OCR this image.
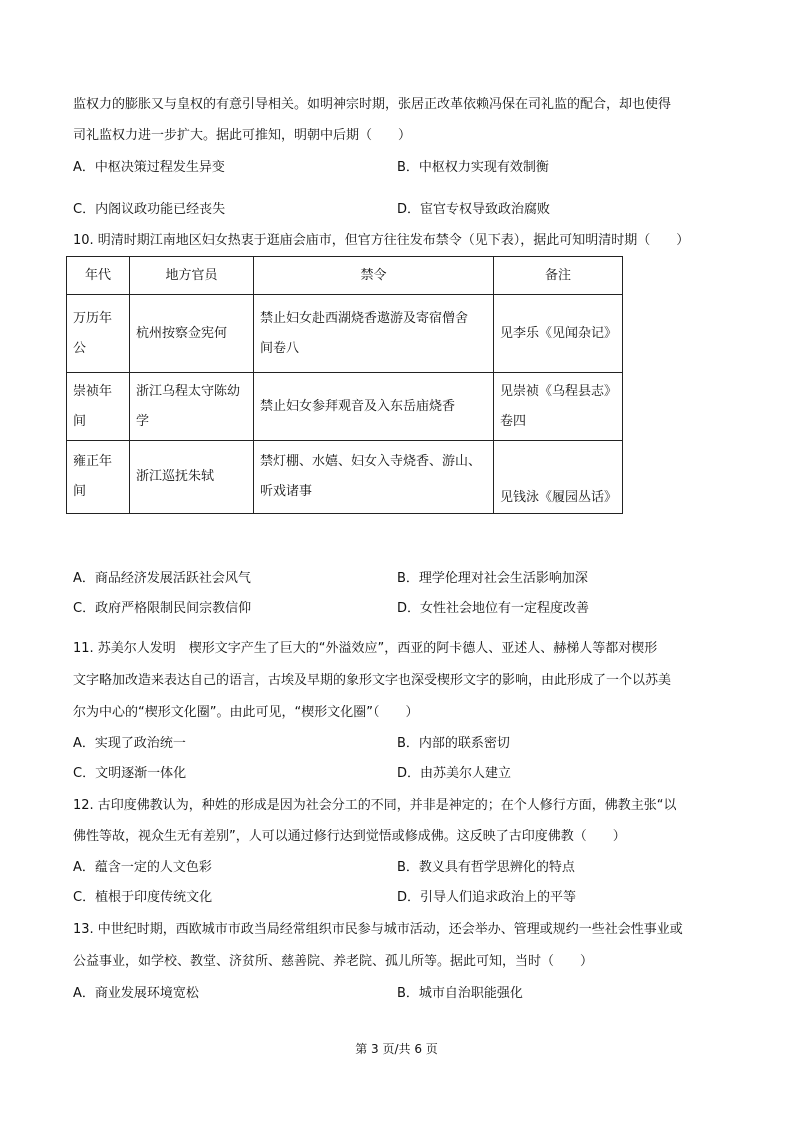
监权力的膨胀又与皇权的有意引导相关。如明神宗时期，张居正改革依赖冯保在司礼监的配合，却也使得
司礼监权力进一步扩大。据此可推知，明朝中后期（　　）
A．中枢决策过程发生异变	B．中枢权力实现有效制衡
C．内阁议政功能已经丧失	D．宦官专权导致政治腐败
10. 明清时期江南地区妇女热衷于逛庙会庙市，但官方往往发布禁令（见下表），据此可知明清时期（　　）
年代	地方官员	禁令	备注
万历年公	杭州按察佥宪何	禁止妇女赴西湖烧香遨游及寄宿僧舍　间卷八	见李乐《见闻杂记》
崇祯年间	浙江乌程太守陈幼学	禁止妇女参拜观音及入东岳庙烧香	见崇祯《乌程县志》卷四
雍正年间	浙江巡抚朱轼	禁灯棚、水嬉、妇女入寺烧香、游山、听戏诸事	见钱泳《履园丛话》
A．商品经济发展活跃社会风气	B．理学伦理对社会生活影响加深
C．政府严格限制民间宗教信仰	D．女性社会地位有一定程度改善
11. 苏美尔人发明　楔形文字产生了巨大的“外溢效应”，西亚的阿卡德人、亚述人、赫梯人等都对楔形
文字略加改造来表达自己的语言，古埃及早期的象形文字也深受楔形文字的影响，由此形成了一个以苏美
尔为中心的“楔形文化圈”。由此可见，“楔形文化圈”（　　）
A．实现了政治统一	B．内部的联系密切
C．文明逐渐一体化	D．由苏美尔人建立
12. 古印度佛教认为，种姓的形成是因为社会分工的不同，并非是神定的；在个人修行方面，佛教主张“以
佛性等故，视众生无有差别”，人可以通过修行达到觉悟或修成佛。这反映了古印度佛教（　　）
A．蕴含一定的人文色彩	B．教义具有哲学思辨化的特点
C．植根于印度传统文化	D．引导人们追求政治上的平等
13. 中世纪时期，西欧城市市政当局经常组织市民参与城市活动，还会举办、管理或规约一些社会性事业或
公益事业，如学校、教堂、济贫所、慈善院、养老院、孤儿所等。据此可知，当时（　　）
A．商业发展环境宽松	B．城市自治职能强化
第 3 页/共 6 页
